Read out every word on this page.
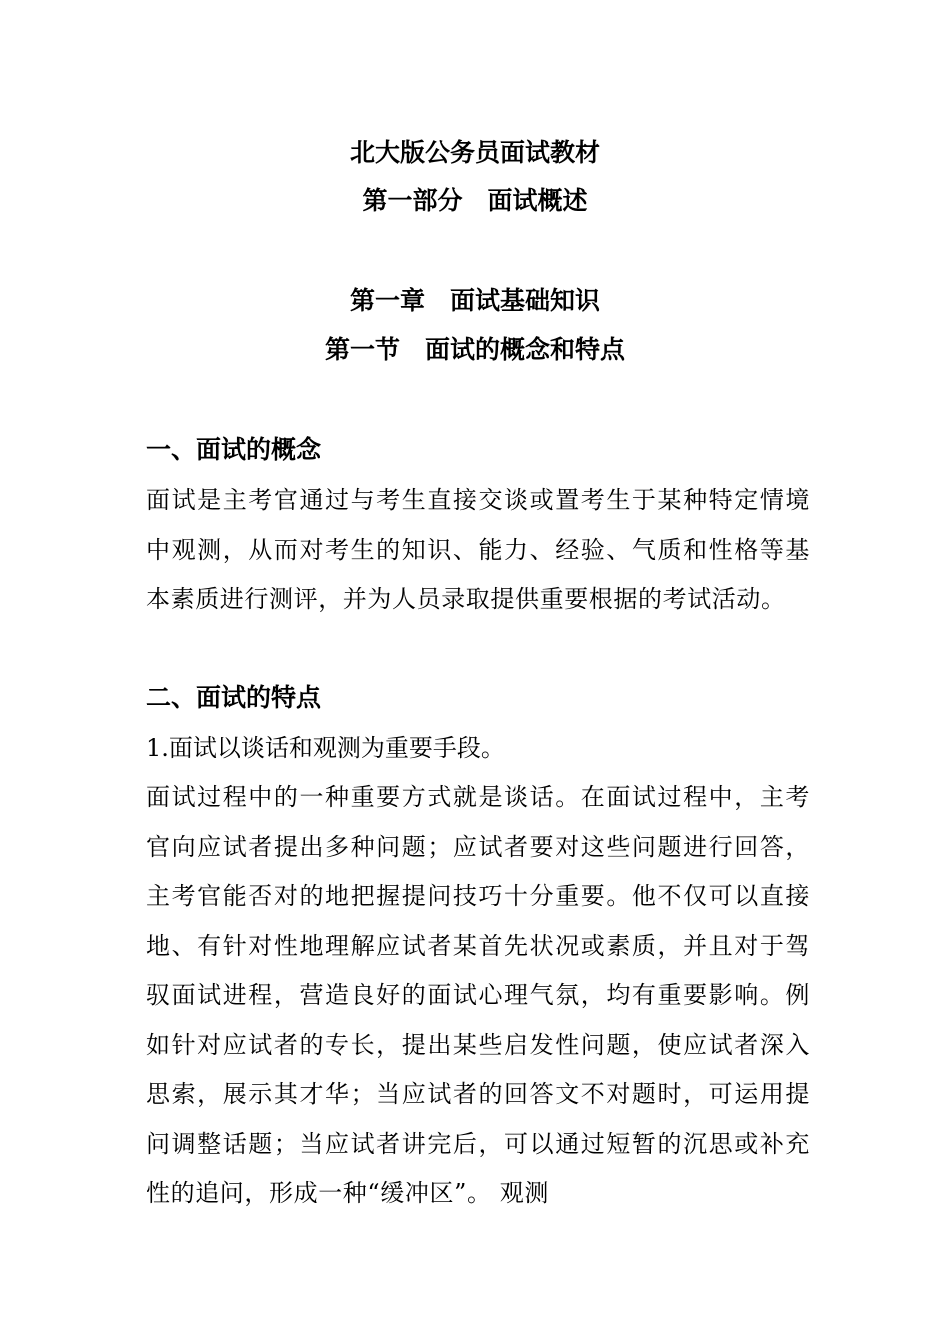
北大版公务员面试教材
第一部分　面试概述
第一章　面试基础知识
第一节　面试的概念和特点
一、面试的概念
面试是主考官通过与考生直接交谈或置考生于某种特定情境中观测，从而对考生的知识、能力、经验、气质和性格等基本素质进行测评，并为人员录取提供重要根据的考试活动。
二、面试的特点
1.面试以谈话和观测为重要手段。
面试过程中的一种重要方式就是谈话。在面试过程中，主考官向应试者提出多种问题；应试者要对这些问题进行回答，主考官能否对的地把握提问技巧十分重要。他不仅可以直接地、有针对性地理解应试者某首先状况或素质，并且对于驾驭面试进程，营造良好的面试心理气氛，均有重要影响。例如针对应试者的专长，提出某些启发性问题，使应试者深入思索，展示其才华；当应试者的回答文不对题时，可运用提问调整话题；当应试者讲完后，可以通过短暂的沉思或补充性的追问，形成一种“缓冲区”。 观测
